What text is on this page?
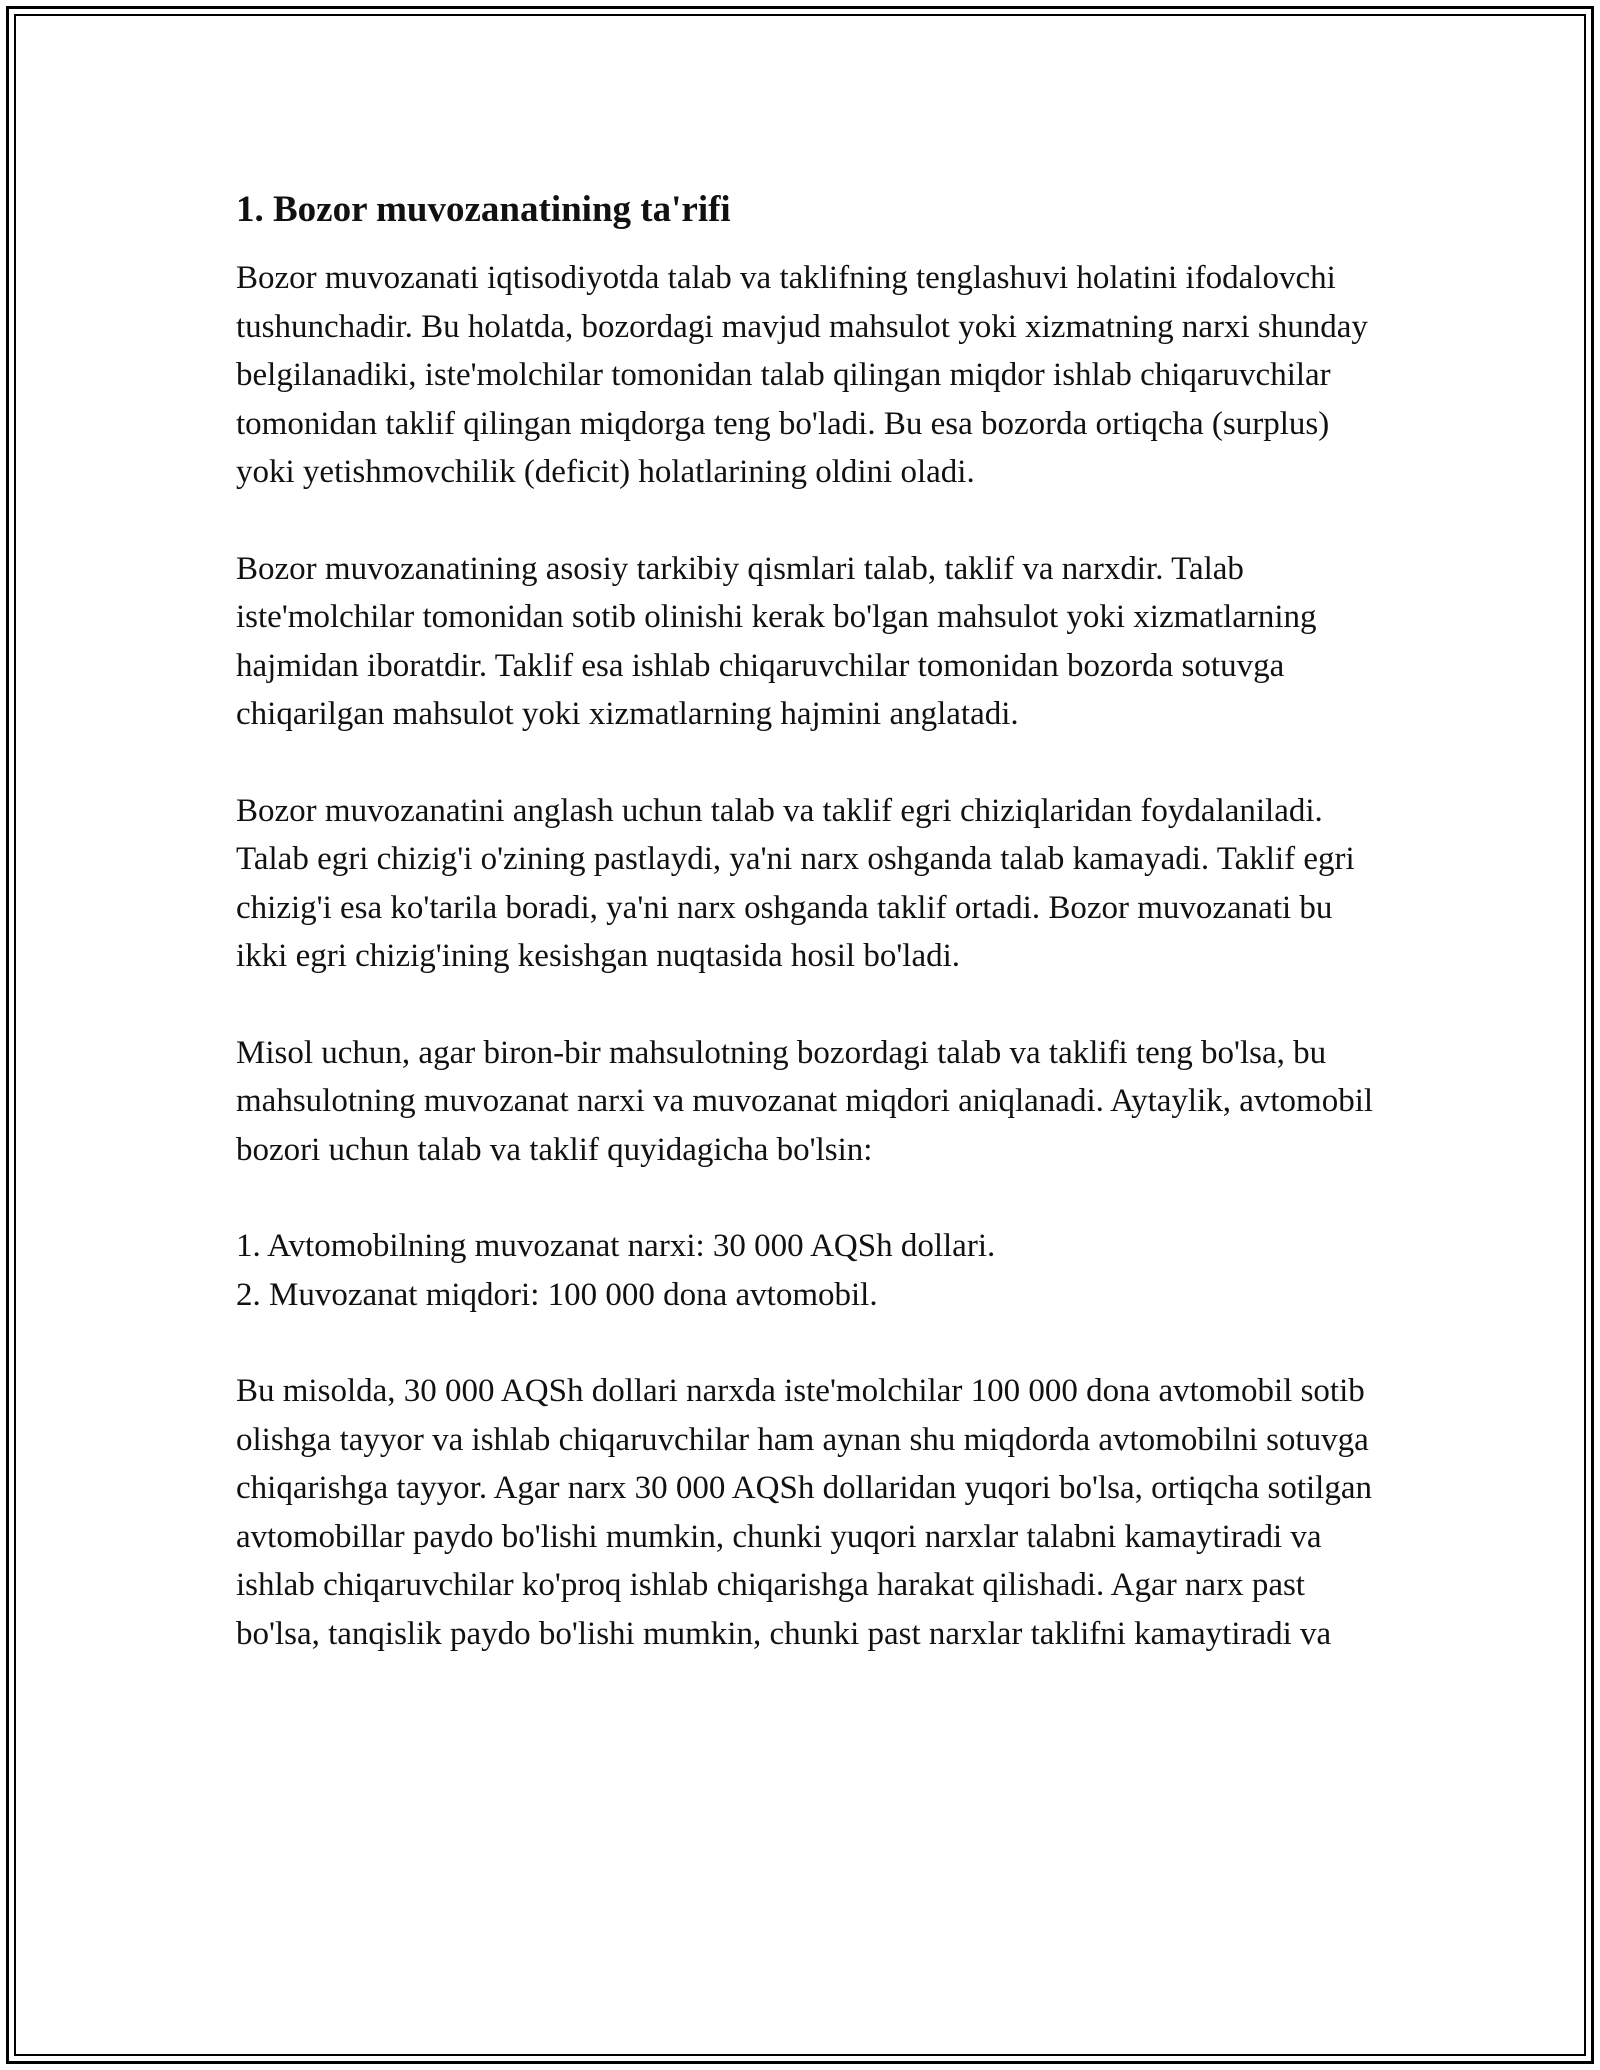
1. Bozor muvozanatining ta'rifi

Bozor muvozanati iqtisodiyotda talab va taklifning tenglashuvi holatini ifodalovchi tushunchadir. Bu holatda, bozordagi mavjud mahsulot yoki xizmatning narxi shunday belgilanadiki, iste'molchilar tomonidan talab qilingan miqdor ishlab chiqaruvchilar tomonidan taklif qilingan miqdorga teng bo'ladi. Bu esa bozorda ortiqcha (surplus) yoki yetishmovchilik (deficit) holatlarining oldini oladi.

Bozor muvozanatining asosiy tarkibiy qismlari talab, taklif va narxdir. Talab iste'molchilar tomonidan sotib olinishi kerak bo'lgan mahsulot yoki xizmatlarning hajmidan iboratdir. Taklif esa ishlab chiqaruvchilar tomonidan bozorda sotuvga chiqarilgan mahsulot yoki xizmatlarning hajmini anglatadi.

Bozor muvozanatini anglash uchun talab va taklif egri chiziqlaridan foydalaniladi. Talab egri chizig'i o'zining pastlaydi, ya'ni narx oshganda talab kamayadi. Taklif egri chizig'i esa ko'tarila boradi, ya'ni narx oshganda taklif ortadi. Bozor muvozanati bu ikki egri chizig'ining kesishgan nuqtasida hosil bo'ladi.

Misol uchun, agar biron-bir mahsulotning bozordagi talab va taklifi teng bo'lsa, bu mahsulotning muvozanat narxi va muvozanat miqdori aniqlanadi. Aytaylik, avtomobil bozori uchun talab va taklif quyidagicha bo'lsin:

1. Avtomobilning muvozanat narxi: 30 000 AQSh dollari.
2. Muvozanat miqdori: 100 000 dona avtomobil.

Bu misolda, 30 000 AQSh dollari narxda iste'molchilar 100 000 dona avtomobil sotib olishga tayyor va ishlab chiqaruvchilar ham aynan shu miqdorda avtomobilni sotuvga chiqarishga tayyor. Agar narx 30 000 AQSh dollaridan yuqori bo'lsa, ortiqcha sotilgan avtomobillar paydo bo'lishi mumkin, chunki yuqori narxlar talabni kamaytiradi va ishlab chiqaruvchilar ko'proq ishlab chiqarishga harakat qilishadi. Agar narx past bo'lsa, tanqislik paydo bo'lishi mumkin, chunki past narxlar taklifni kamaytiradi va
